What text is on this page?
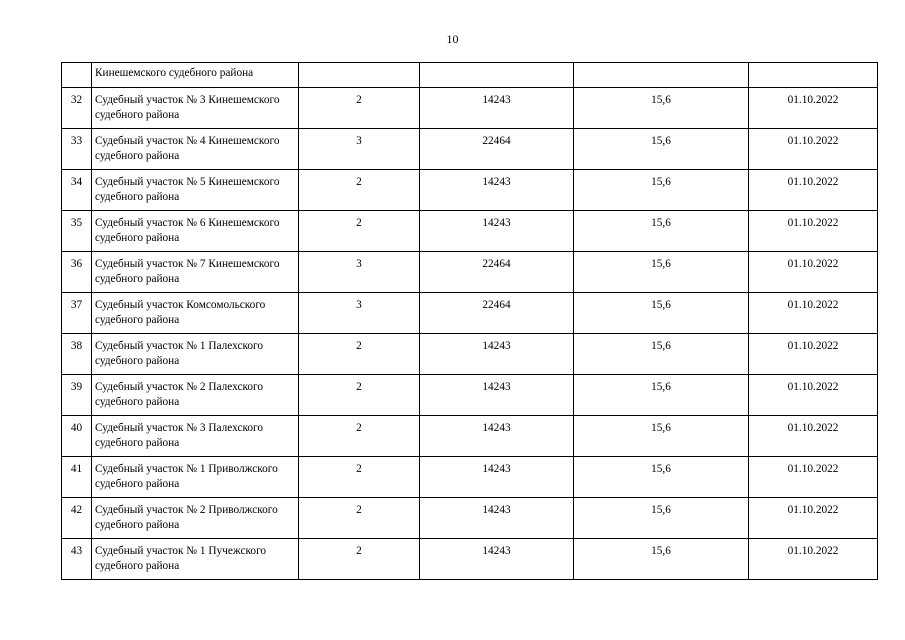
10
	Кинешемского судебного района				
32	Судебный участок № 3 Кинешемского судебного района	2	14243	15,6	01.10.2022
33	Судебный участок № 4 Кинешемского судебного района	3	22464	15,6	01.10.2022
34	Судебный участок № 5 Кинешемского судебного района	2	14243	15,6	01.10.2022
35	Судебный участок № 6 Кинешемского судебного района	2	14243	15,6	01.10.2022
36	Судебный участок № 7 Кинешемского судебного района	3	22464	15,6	01.10.2022
37	Судебный участок Комсомольского судебного района	3	22464	15,6	01.10.2022
38	Судебный участок № 1 Палехского судебного района	2	14243	15,6	01.10.2022
39	Судебный участок № 2 Палехского судебного района	2	14243	15,6	01.10.2022
40	Судебный участок № 3 Палехского судебного района	2	14243	15,6	01.10.2022
41	Судебный участок № 1 Приволжского судебного района	2	14243	15,6	01.10.2022
42	Судебный участок № 2 Приволжского судебного района	2	14243	15,6	01.10.2022
43	Судебный участок № 1 Пучежского судебного района	2	14243	15,6	01.10.2022
